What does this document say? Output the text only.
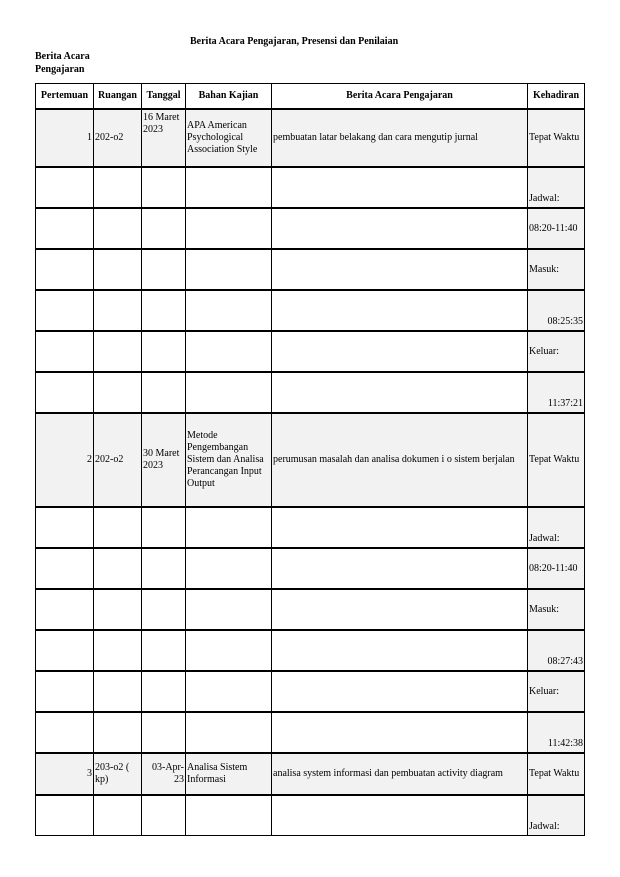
Berita Acara Pengajaran, Presensi dan Penilaian
Berita Acara Pengajaran
Pertemuan	Ruangan	Tanggal	Bahan Kajian	Berita Acara Pengajaran	Kehadiran
1	202-o2	16 Maret 2023	APA American Psychological Association Style	pembuatan latar belakang dan cara mengutip jurnal	Tepat Waktu
					Jadwal:
					08:20-11:40
					Masuk:
					08:25:35
					Keluar:
					11:37:21
2	202-o2	30 Maret 2023	Metode Pengembangan Sistem dan Analisa Perancangan Input Output	perumusan masalah dan analisa dokumen i o sistem berjalan	Tepat Waktu
					Jadwal:
					08:20-11:40
					Masuk:
					08:27:43
					Keluar:
					11:42:38
3	203-o2 ( kp)	03-Apr-23	Analisa Sistem Informasi	analisa system informasi dan pembuatan activity diagram	Tepat Waktu
					Jadwal:
